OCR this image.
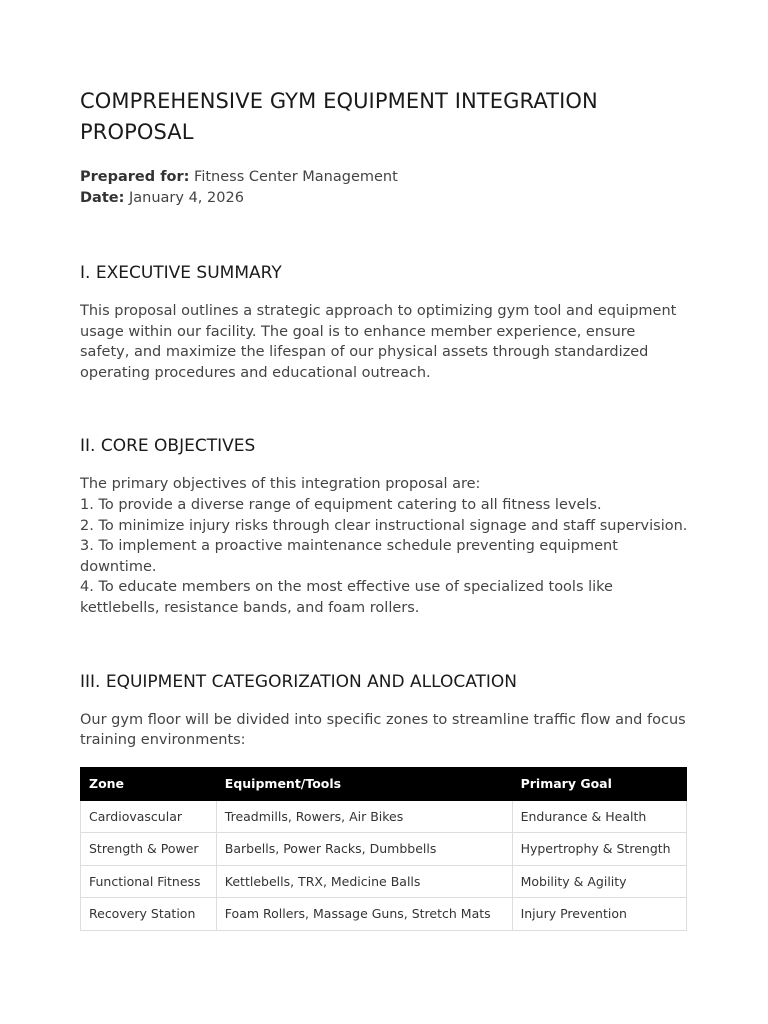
COMPREHENSIVE GYM EQUIPMENT INTEGRATION PROPOSAL
Prepared for: Fitness Center Management
Date: January 4, 2026
I. EXECUTIVE SUMMARY

This proposal outlines a strategic approach to optimizing gym tool and equipment usage within our facility. The goal is to enhance member experience, ensure safety, and maximize the lifespan of our physical assets through standardized operating procedures and educational outreach.

II. CORE OBJECTIVES
The primary objectives of this integration proposal are:
1. To provide a diverse range of equipment catering to all fitness levels.
2. To minimize injury risks through clear instructional signage and staff supervision.
3. To implement a proactive maintenance schedule preventing equipment downtime.
4. To educate members on the most effective use of specialized tools like kettlebells, resistance bands, and foam rollers.
III. EQUIPMENT CATEGORIZATION AND ALLOCATION

Our gym floor will be divided into specific zones to streamline traffic flow and focus training environments:

Zone	Equipment/Tools	Primary Goal
Cardiovascular	Treadmills, Rowers, Air Bikes	Endurance & Health
Strength & Power	Barbells, Power Racks, Dumbbells	Hypertrophy & Strength
Functional Fitness	Kettlebells, TRX, Medicine Balls	Mobility & Agility
Recovery Station	Foam Rollers, Massage Guns, Stretch Mats	Injury Prevention
